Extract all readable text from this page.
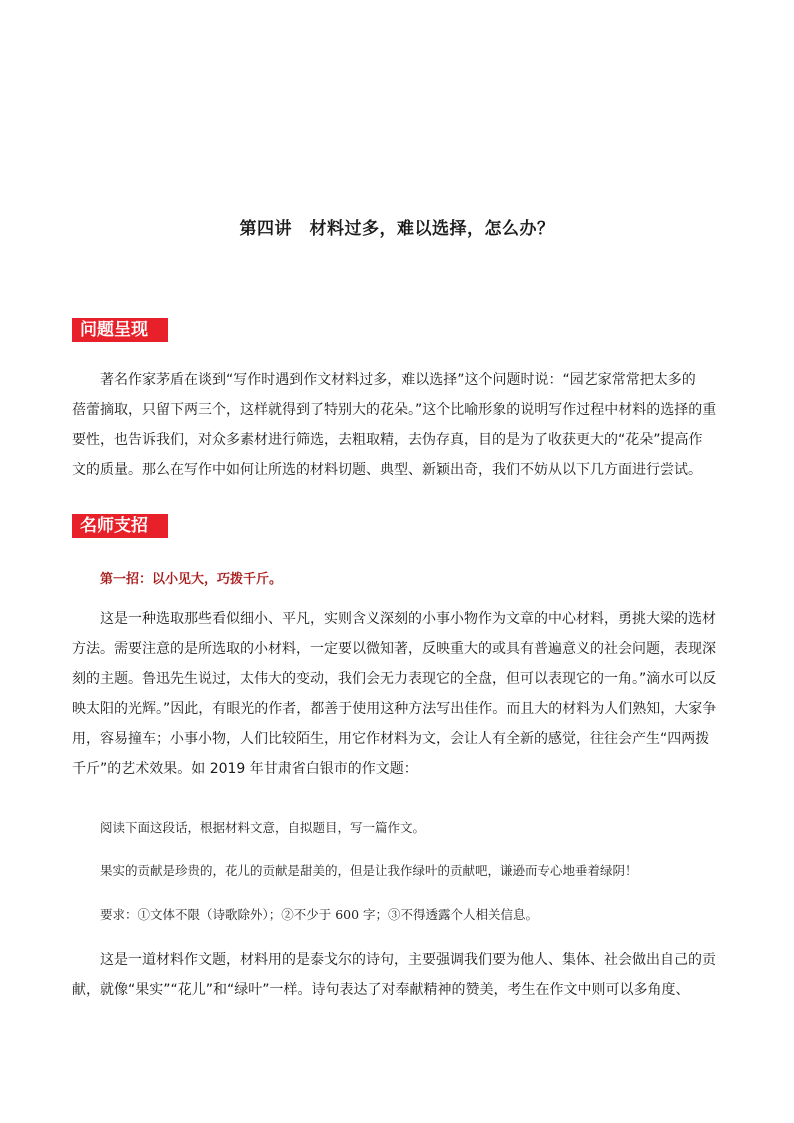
第四讲　材料过多，难以选择，怎么办？
问题呈现

著名作家茅盾在谈到“写作时遇到作文材料过多，难以选择”这个问题时说：“园艺家常常把太多的
蓓蕾摘取，只留下两三个，这样就得到了特别大的花朵。”这个比喻形象的说明写作过程中材料的选择的重
要性，也告诉我们，对众多素材进行筛选，去粗取精，去伪存真，目的是为了收获更大的“花朵”提高作
文的质量。那么在写作中如何让所选的材料切题、典型、新颖出奇，我们不妨从以下几方面进行尝试。

名师支招

第一招：以小见大，巧拨千斤。

这是一种选取那些看似细小、平凡，实则含义深刻的小事小物作为文章的中心材料，勇挑大梁的选材
方法。需要注意的是所选取的小材料，一定要以微知著，反映重大的或具有普遍意义的社会问题，表现深
刻的主题。鲁迅先生说过，太伟大的变动，我们会无力表现它的全盘，但可以表现它的一角。”滴水可以反
映太阳的光辉。”因此，有眼光的作者，都善于使用这种方法写出佳作。而且大的材料为人们熟知，大家争
用，容易撞车；小事小物，人们比较陌生，用它作材料为文，会让人有全新的感觉，往往会产生“四两拨
千斤”的艺术效果。如 2019 年甘肃省白银市的作文题：

阅读下面这段话，根据材料文意，自拟题目，写一篇作文。

果实的贡献是珍贵的，花儿的贡献是甜美的，但是让我作绿叶的贡献吧，谦逊而专心地垂着绿阴！

要求：①文体不限（诗歌除外）；②不少于 600 字；③不得透露个人相关信息。

这是一道材料作文题，材料用的是泰戈尔的诗句，主要强调我们要为他人、集体、社会做出自己的贡
献，就像“果实”“花儿”和“绿叶”一样。诗句表达了对奉献精神的赞美，考生在作文中则可以多角度、
